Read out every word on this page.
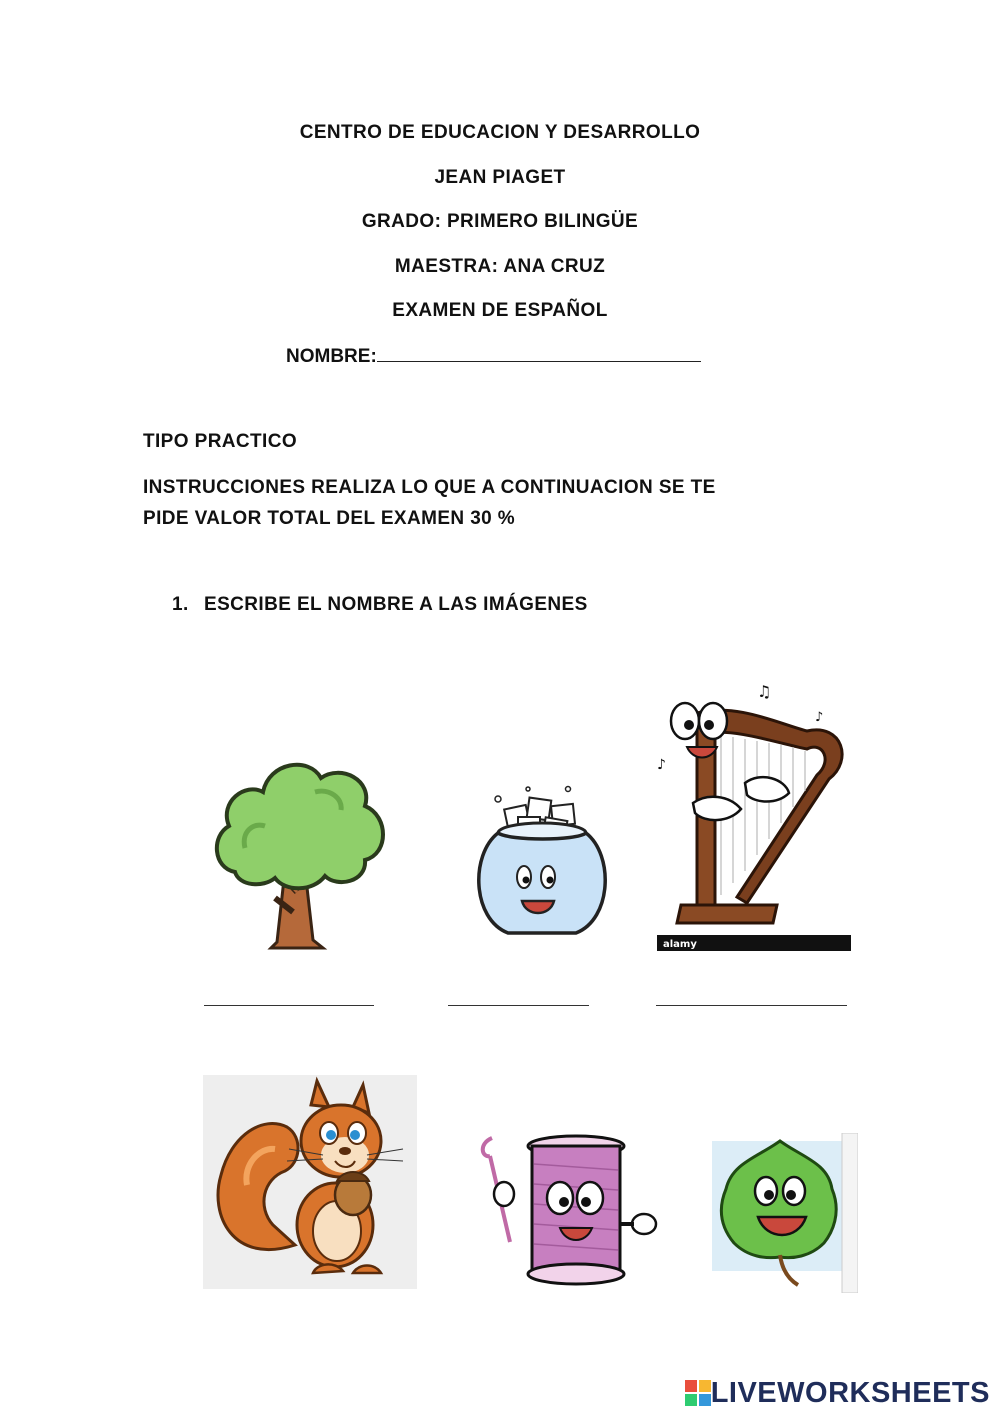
CENTRO DE EDUCACION Y DESARROLLO
JEAN PIAGET
GRADO: PRIMERO BILINGÜE
MAESTRA: ANA CRUZ
EXAMEN DE ESPAÑOL
NOMBRE:
TIPO PRACTICO
INSTRUCCIONES REALIZA LO QUE A CONTINUACION SE TE
PIDE VALOR TOTAL DEL EXAMEN 30 %
1. ESCRIBE EL NOMBRE A LAS IMÁGENES
♫
♪
♪
alamy
LIVEWORKSHEETS
